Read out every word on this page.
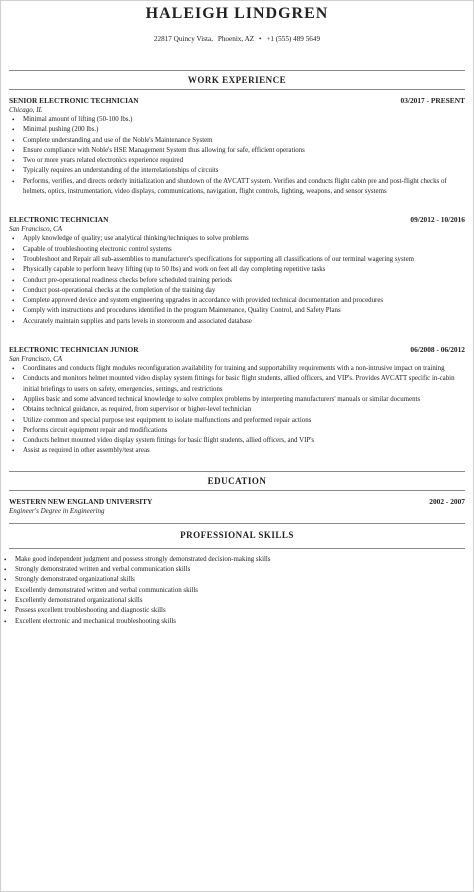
HALEIGH LINDGREN
22817 Quincy Vista, Phoenix, AZ • +1 (555) 489 5649
WORK EXPERIENCE
SENIOR ELECTRONIC TECHNICIAN	03/2017 - PRESENT
Chicago, IL
• Minimal amount of lifting (50-100 lbs.)
• Minimal pushing (200 lbs.)
• Complete understanding and use of the Noble's Maintenance System
• Ensure compliance with Noble's HSE Management System thus allowing for safe, efficient operations
• Two or more years related electronics experience required
• Typically requires an understanding of the interrelationships of circuits
• Performs, verifies, and directs orderly initialization and shutdown of the AVCATT system. Verifies and conducts flight cabin pre and post-flight checks of helmets, optics, instrumentation, video displays, communications, navigation, flight controls, lighting, weapons, and sensor systems
ELECTRONIC TECHNICIAN	09/2012 - 10/2016
San Francisco, CA
• Apply knowledge of quality; use analytical thinking/techniques to solve problems
• Capable of troubleshooting electronic control systems
• Troubleshoot and Repair all sub-assemblies to manufacturer's specifications for supporting all classifications of our terminal wagering system
• Physically capable to perform heavy lifting (up to 50 lbs) and work on feet all day completing repetitive tasks
• Conduct pre-operational readiness checks before scheduled training periods
• Conduct post-operational checks at the completion of the training day
• Complete approved device and system engineering upgrades in accordance with provided technical documentation and procedures
• Comply with instructions and procedures identified in the program Maintenance, Quality Control, and Safety Plans
• Accurately maintain supplies and parts levels in storeroom and associated database
ELECTRONIC TECHNICIAN JUNIOR	06/2008 - 06/2012
San Francisco, CA
• Coordinates and conducts flight modules reconfiguration availability for training and supportability requirements with a non-intrusive impact on training
• Conducts and monitors helmet mounted video display system fittings for basic flight students, allied officers, and VIP's. Provides AVCATT specific in-cabin initial briefings to users on safety, emergencies, settings, and restrictions
• Applies basic and some advanced technical knowledge to solve complex problems by interpreting manufacturers' manuals or similar documents
• Obtains technical guidance, as required, from supervisor or higher-level technician
• Utilize common and special purpose test equipment to isolate malfunctions and preformed repair actions
• Performs circuit equipment repair and modifications
• Conducts helmet mounted video display system fittings for basic flight students, allied officers, and VIP's
• Assist as required in other assembly/test areas
EDUCATION
WESTERN NEW ENGLAND UNIVERSITY	2002 - 2007
Engineer's Degree in Engineering
PROFESSIONAL SKILLS
• Make good independent judgment and possess strongly demonstrated decision-making skills
• Strongly demonstrated written and verbal communication skills
• Strongly demonstrated organizational skills
• Excellently demonstrated written and verbal communication skills
• Excellently demonstrated organizational skills
• Possess excellent troubleshooting and diagnostic skills
• Excellent electronic and mechanical troubleshooting skills
